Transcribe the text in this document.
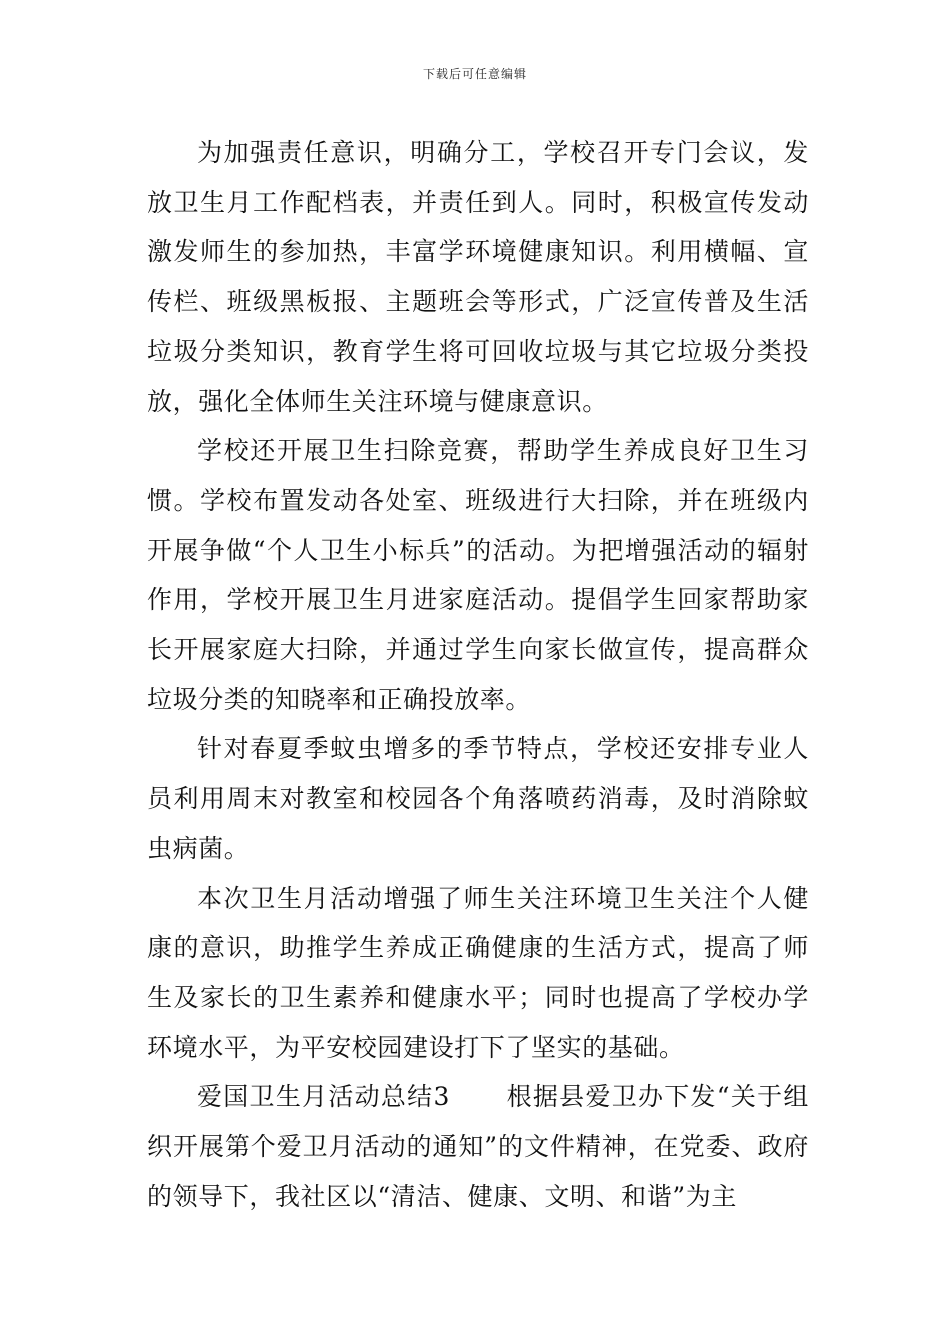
下载后可任意编辑

为加强责任意识，明确分工，学校召开专门会议，发放卫生月工作配档表，并责任到人。同时，积极宣传发动激发师生的参加热，丰富学环境健康知识。利用横幅、宣传栏、班级黑板报、主题班会等形式，广泛宣传普及生活垃圾分类知识，教育学生将可回收垃圾与其它垃圾分类投放，强化全体师生关注环境与健康意识。

学校还开展卫生扫除竞赛，帮助学生养成良好卫生习惯。学校布置发动各处室、班级进行大扫除，并在班级内开展争做“个人卫生小标兵”的活动。为把增强活动的辐射作用，学校开展卫生月进家庭活动。提倡学生回家帮助家长开展家庭大扫除，并通过学生向家长做宣传，提高群众垃圾分类的知晓率和正确投放率。

针对春夏季蚊虫增多的季节特点，学校还安排专业人员利用周末对教室和校园各个角落喷药消毒，及时消除蚊虫病菌。

本次卫生月活动增强了师生关注环境卫生关注个人健康的意识，助推学生养成正确健康的生活方式，提高了师生及家长的卫生素养和健康水平；同时也提高了学校办学环境水平，为平安校园建设打下了坚实的基础。

爱国卫生月活动总结3 根据县爱卫办下发“关于组织开展第个爱卫月活动的通知”的文件精神，在党委、政府的领导下，我社区以“清洁、健康、文明、和谐”为主
